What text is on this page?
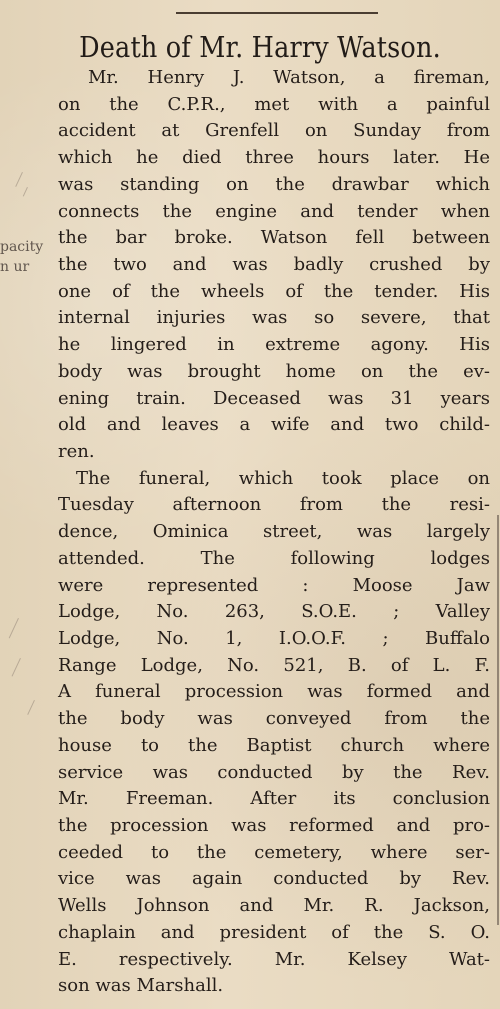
Death of Mr. Harry Watson.
pacity
n ur
Mr. Henry J. Watson, a fireman,
on the C.P.R., met with a painful
accident at Grenfell on Sunday from
which he died three hours later. He
was standing on the drawbar which
connects the engine and tender when
the bar broke. Watson fell between
the two and was badly crushed by
one of the wheels of the tender. His
internal injuries was so severe, that
he lingered in extreme agony. His
body was brought home on the ev-
ening train. Deceased was 31 years
old and leaves a wife and two child-
ren.
The funeral, which took place on
Tuesday afternoon from the resi-
dence, Ominica street, was largely
attended. The following lodges
were represented : Moose Jaw
Lodge, No. 263, S.O.E. ; Valley
Lodge, No. 1, I.O.O.F. ; Buffalo
Range Lodge, No. 521, B. of L. F.
A funeral procession was formed and
the body was conveyed from the
house to the Baptist church where
service was conducted by the Rev.
Mr. Freeman. After its conclusion
the procession was reformed and pro-
ceeded to the cemetery, where ser-
vice was again conducted by Rev.
Wells Johnson and Mr. R. Jackson,
chaplain and president of the S. O.
E. respectively. Mr. Kelsey Wat-
son was Marshall.
